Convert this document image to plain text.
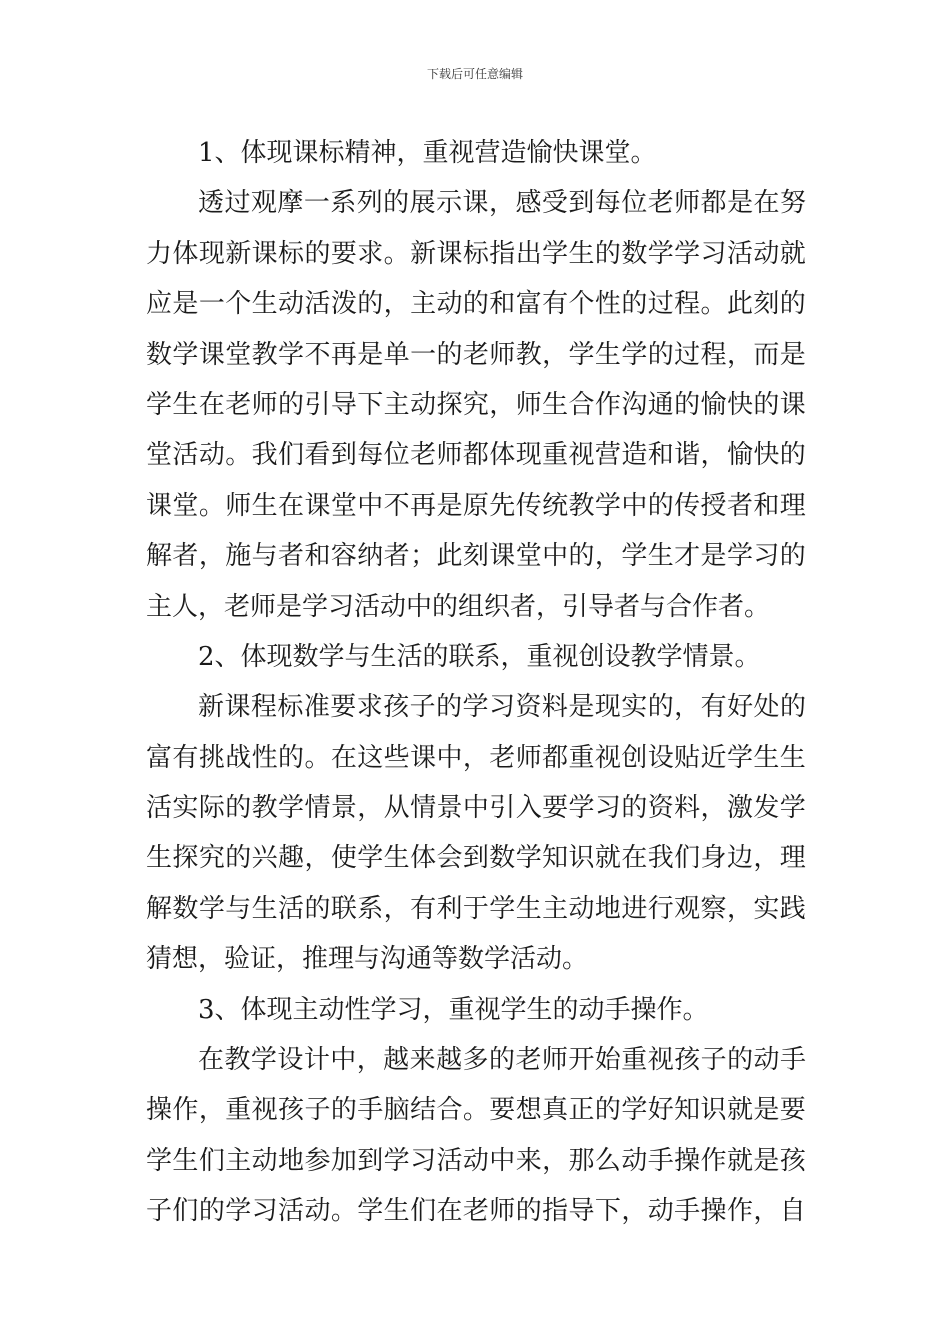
下载后可任意编辑
1、体现课标精神，重视营造愉快课堂。
透 过 观 摩 一 系 列 的 展 示 课 ， 感 受 到 每 位 老 师 都 是 在 努
力 体 现 新 课 标 的 要 求 。 新 课 标 指 出 学 生 的 数 学 学 习 活 动 就
应 是 一 个 生 动 活 泼 的 ， 主 动 的 和 富 有 个 性 的 过 程 。 此 刻 的
数 学 课 堂 教 学 不 再 是 单 一 的 老 师 教 ， 学 生 学 的 过 程 ， 而 是
学 生 在 老 师 的 引 导 下 主 动 探 究 ， 师 生 合 作 沟 通 的 愉 快 的 课
堂 活 动 。 我 们 看 到 每 位 老 师 都 体 现 重 视 营 造 和 谐 ， 愉 快 的
课 堂 。 师 生 在 课 堂 中 不 再 是 原 先 传 统 教 学 中 的 传 授 者 和 理
解 者 ， 施 与 者 和 容 纳 者 ； 此 刻 课 堂 中 的 ， 学 生 才 是 学 习 的
主人，老师是学习活动中的组织者，引导者与合作者。
2、体现数学与生活的联系，重视创设教学情景。
新 课 程 标 准 要 求 孩 子 的 学 习 资 料 是 现 实 的 ， 有 好 处 的
富 有 挑 战 性 的 。 在 这 些 课 中 ， 老 师 都 重 视 创 设 贴 近 学 生 生
活 实 际 的 教 学 情 景 ， 从 情 景 中 引 入 要 学 习 的 资 料 ， 激 发 学
生 探 究 的 兴 趣 ， 使 学 生 体 会 到 数 学 知 识 就 在 我 们 身 边 ， 理
解 数 学 与 生 活 的 联 系 ， 有 利 于 学 生 主 动 地 进 行 观 察 ， 实 践
猜想，验证，推理与沟通等数学活动。
3、体现主动性学习，重视学生的动手操作。
在 教 学 设 计 中 ， 越 来 越 多 的 老 师 开 始 重 视 孩 子 的 动 手
操 作 ， 重 视 孩 子 的 手 脑 结 合 。 要 想 真 正 的 学 好 知 识 就 是 要
学 生 们 主 动 地 参 加 到 学 习 活 动 中 来 ， 那 么 动 手 操 作 就 是 孩
子 们 的 学 习 活 动 。 学 生 们 在 老 师 的 指 导 下 ， 动 手 操 作 ， 自
